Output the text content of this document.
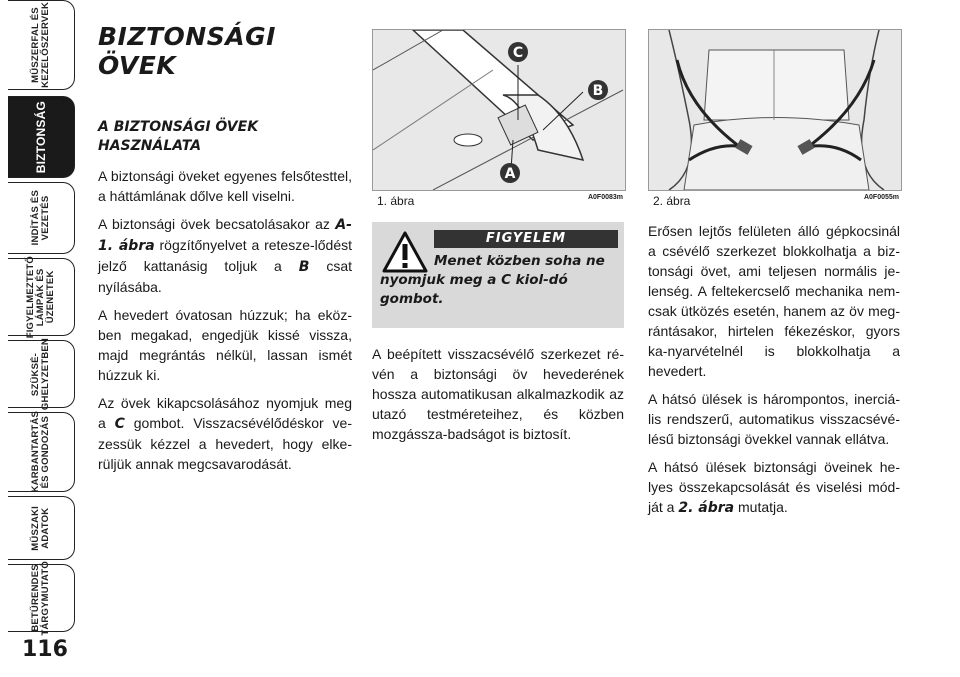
MŰSZERFAL ÉS
KEZELŐSZERVEK
BIZTONSÁG
INDÍTÁS ÉS
VEZETÉS
FIGYELMEZTETŐ
LÁMPÁK ÉS
ÜZENETEK
SZÜKSÉ-
GHELYZETBEN
KARBANTARTÁS
ÉS GONDOZÁS
MŰSZAKI
ADATOK
BETŰRENDES
TÁRGYMUTATÓ
116
BIZTONSÁGI ÖVEK
A BIZTONSÁGI ÖVEK HASZNÁLATA

A biztonsági öveket egyenes felsőtesttel, a háttámlának dőlve kell viselni.

A biztonsági övek becsatolásakor az A-1. ábra rögzítőnyelvet a retesze-lődést jelző kattanásig toljuk a B csat nyílásába.

A hevedert óvatosan húzzuk; ha eköz-ben megakad, engedjük kissé vissza, majd megrántás nélkül, lassan ismét húzzuk ki.

Az övek kikapcsolásához nyomjuk meg a C gombot. Visszacsévélődéskor ve-zessük kézzel a hevedert, hogy elke-rüljük annak megcsavarodását.

C
B
A
1. ábra	A0F0083m	2. ábra	A0F0055m
FIGYELEM
Menet közben soha ne nyomjuk meg a C kiol-dó gombot.

A beépített visszacsévélő szerkezet ré-vén a biztonsági öv hevederének hossza automatikusan alkalmazkodik az utazó testméreteihez, és közben mozgássza-badságot is biztosít.

Erősen lejtős felületen álló gépkocsinál a csévélő szerkezet blokkolhatja a biz-tonsági övet, ami teljesen normális je-lenség. A feltekercselő mechanika nem-csak ütközés esetén, hanem az öv meg-rántásakor, hirtelen fékezéskor, gyors ka-nyarvételnél is blokkolhatja a hevedert.

A hátsó ülések is hárompontos, inerciá-lis rendszerű, automatikus visszacsévé-lésű biztonsági övekkel vannak ellátva.

A hátsó ülések biztonsági öveinek he-lyes összekapcsolását és viselési mód-ját a 2. ábra mutatja.
